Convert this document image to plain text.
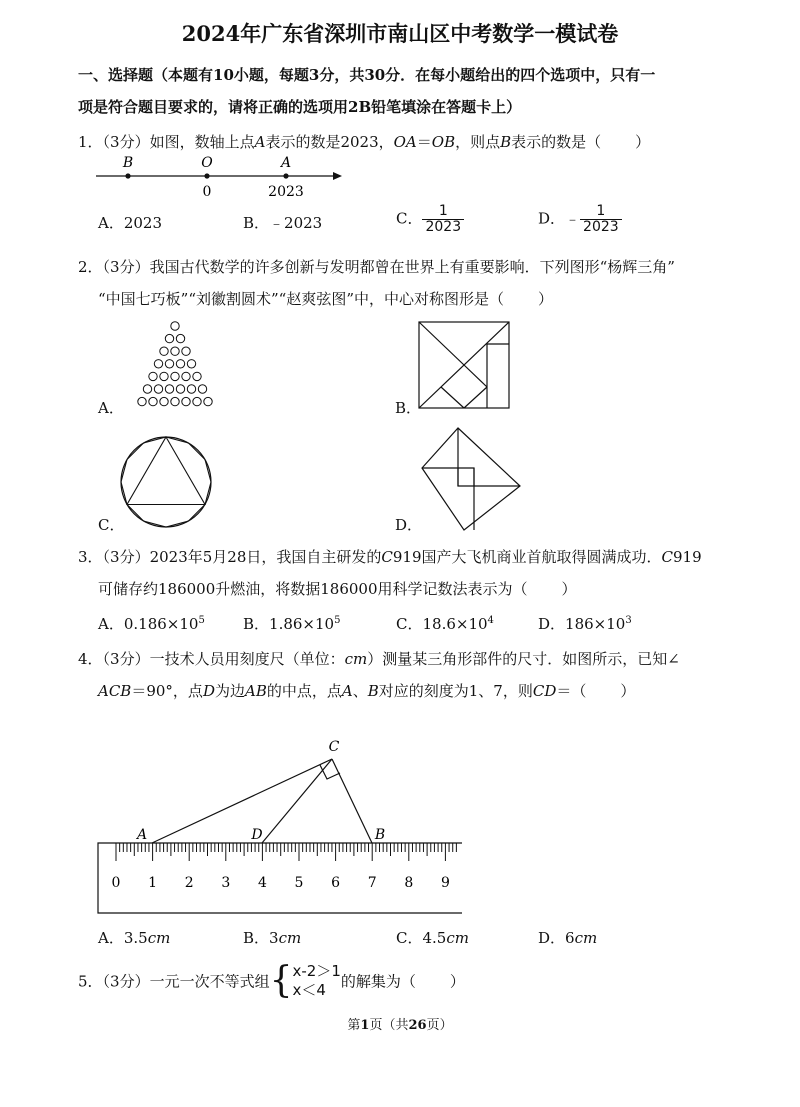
2024年广东省深圳市南山区中考数学一模试卷
一、选择题（本题有10小题，每题3分，共30分．在每小题给出的四个选项中，只有一
项是符合题目要求的，请将正确的选项用2B铅笔填涂在答题卡上）
1．（3分）如图，数轴上点A表示的数是2023，OA＝OB，则点B表示的数是（ ）
B	O	A
0	2023
A．2023	B．﹣2023	C． $\frac{1}{2023}$	D．﹣ $\frac{1}{2023}$
2．（3分）我国古代数学的许多创新与发明都曾在世界上有重要影响．下列图形“杨辉三角”
“中国七巧板”“刘徽割圆术”“赵爽弦图”中，中心对称图形是（ ）
A．	B．
C．	D．
3．（3分）2023年5月28日，我国自主研发的C919国产大飞机商业首航取得圆满成功．C919
可储存约186000升燃油，将数据186000用科学记数法表示为（ ）
A．$0.186\times 10^5$	B．$1.86\times 10^5$	C．$18.6\times 10^4$	D．$186\times 10^3$
4．（3分）一技术人员用刻度尺（单位：cm）测量某三角形部件的尺寸．如图所示，已知∠
ACB＝90°，点D为边AB的中点，点A、B对应的刻度为1、7，则CD＝（ ）
0 1 2 3 4 5 6 7 8 9
A	B
C
D
A．3.5cm	B．3cm	C．4.5cm	D．6cm
5．（3分）一元一次不等式组{ x-2＞1
x＜4 的解集为（ ）
第1页（共26页）
